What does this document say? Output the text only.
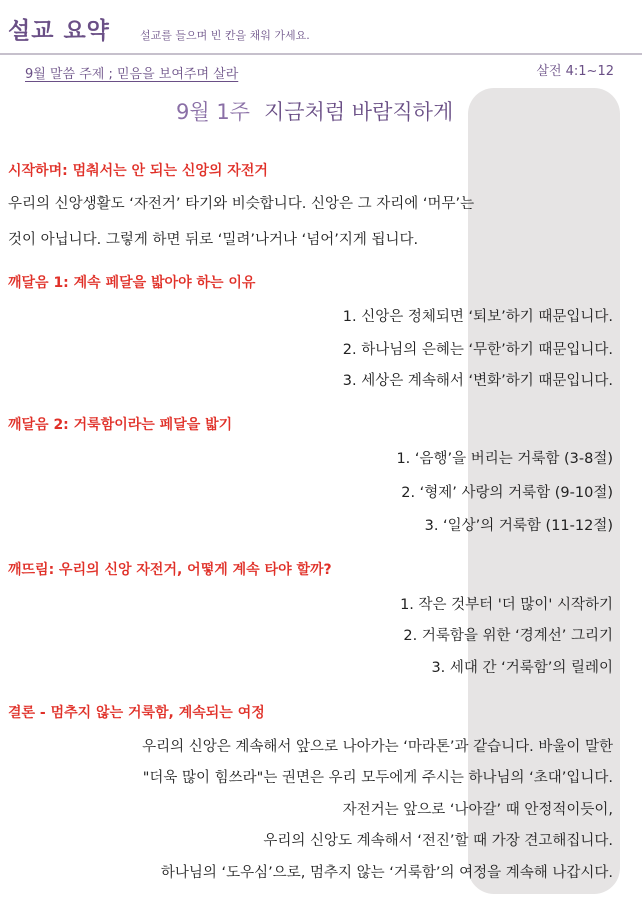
설교 요약	설교를 들으며 빈 칸을 채워 가세요.
9월 말씀 주제 ; 믿음을 보여주며 살라	살전 4:1~12
9월 1주 지금처럼 바람직하게
시작하며: 멈춰서는 안 되는 신앙의 자전거
우리의 신앙생활도 ‘자전거’ 타기와 비슷합니다. 신앙은 그 자리에 ‘머무’는
것이 아닙니다. 그렇게 하면 뒤로 ‘밀려’나거나 ‘넘어’지게 됩니다.
깨달음 1: 계속 페달을 밟아야 하는 이유
1. 신앙은 정체되면 ‘퇴보’하기 때문입니다.
2. 하나님의 은혜는 ‘무한’하기 때문입니다.
3. 세상은 계속해서 ‘변화’하기 때문입니다.
깨달음 2: 거룩함이라는 페달을 밟기
1. ‘음행’을 버리는 거룩함 (3-8절)
2. ‘형제’ 사랑의 거룩함 (9-10절)
3. ‘일상’의 거룩함 (11-12절)
깨뜨림: 우리의 신앙 자전거, 어떻게 계속 타야 할까?
1. 작은 것부터 '더 많이' 시작하기
2. 거룩함을 위한 ‘경계선’ 그리기
3. 세대 간 ‘거룩함’의 릴레이
결론 - 멈추지 않는 거룩함, 계속되는 여정
우리의 신앙은 계속해서 앞으로 나아가는 ‘마라톤’과 같습니다. 바울이 말한
"더욱 많이 힘쓰라"는 권면은 우리 모두에게 주시는 하나님의 ‘초대’입니다.
자전거는 앞으로 ‘나아갈’ 때 안정적이듯이,
우리의 신앙도 계속해서 ‘전진’할 때 가장 견고해집니다.
하나님의 ‘도우심’으로, 멈추지 않는 ‘거룩함’의 여정을 계속해 나갑시다.
